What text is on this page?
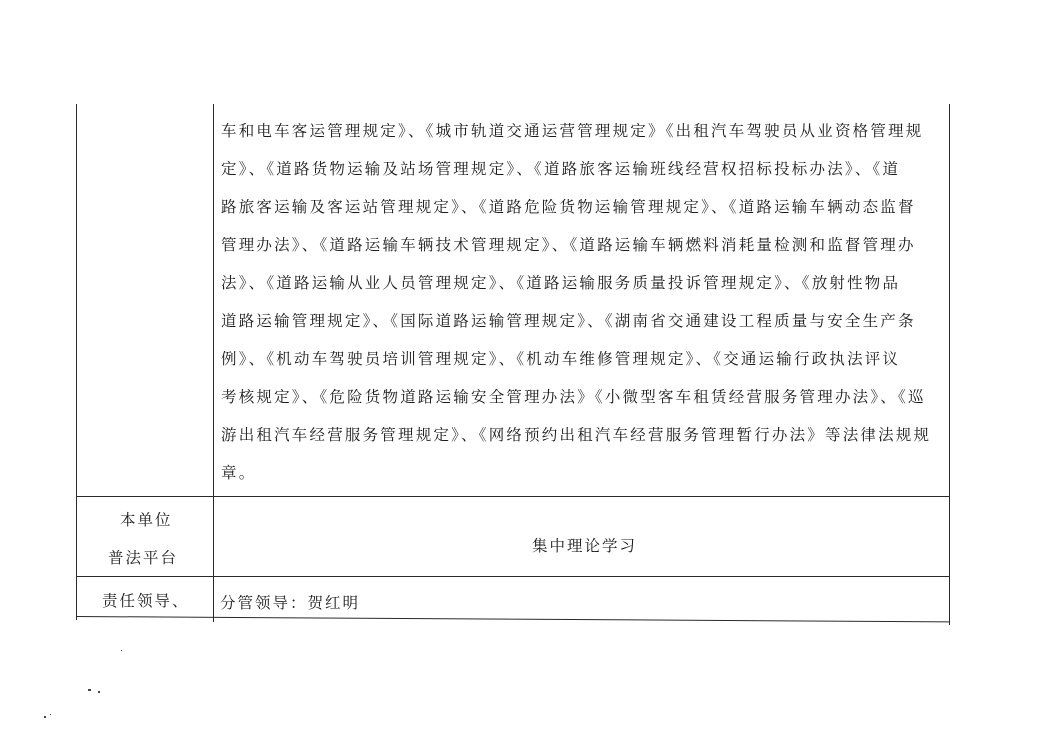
车和电车客运管理规定》、《城市轨道交通运营管理规定》《出租汽车驾驶员从业资格管理规
定》、《道路货物运输及站场管理规定》、《道路旅客运输班线经营权招标投标办法》、《道
路旅客运输及客运站管理规定》、《道路危险货物运输管理规定》、《道路运输车辆动态监督
管理办法》、《道路运输车辆技术管理规定》、《道路运输车辆燃料消耗量检测和监督管理办
法》、《道路运输从业人员管理规定》、《道路运输服务质量投诉管理规定》、《放射性物品
道路运输管理规定》、《国际道路运输管理规定》、《湖南省交通建设工程质量与安全生产条
例》、《机动车驾驶员培训管理规定》、《机动车维修管理规定》、《交通运输行政执法评议
考核规定》、《危险货物道路运输安全管理办法》《小微型客车租赁经营服务管理办法》、《巡
游出租汽车经营服务管理规定》、《网络预约出租汽车经营服务管理暂行办法》等法律法规规
章。
本单位
普法平台
集中理论学习
责任领导、 分管领导：贺红明
